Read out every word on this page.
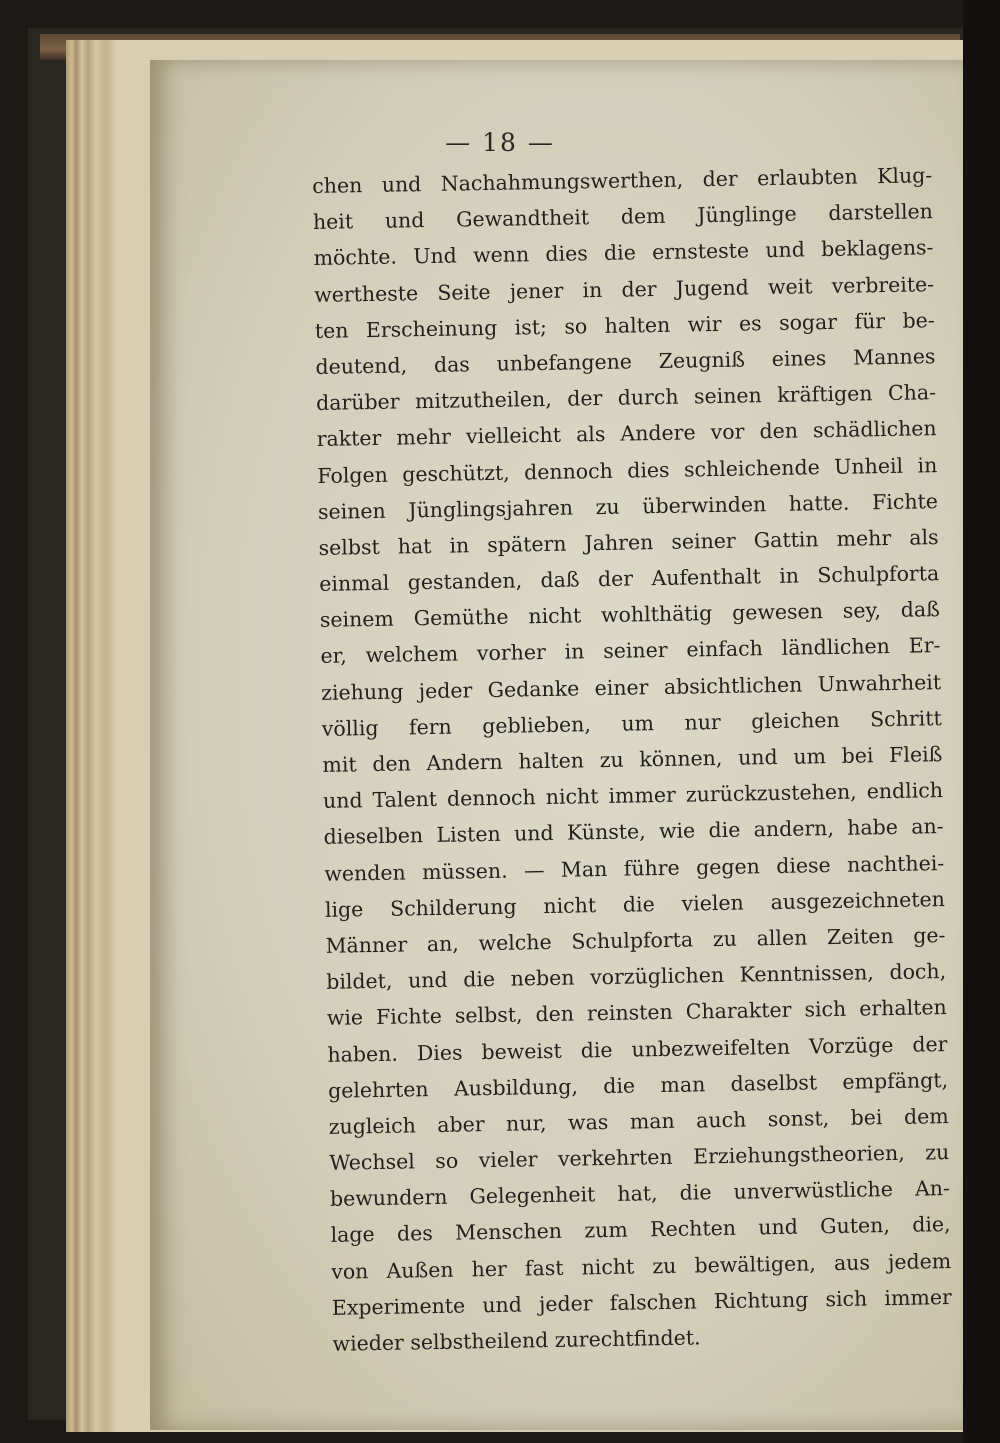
— 18 —
chen und Nachahmungswerthen, der erlaubten Klug-
heit und Gewandtheit dem Jünglinge darstellen
möchte. Und wenn dies die ernsteste und beklagens-
wertheste Seite jener in der Jugend weit verbreite-
ten Erscheinung ist; so halten wir es sogar für be-
deutend, das unbefangene Zeugniß eines Mannes
darüber mitzutheilen, der durch seinen kräftigen Cha-
rakter mehr vielleicht als Andere vor den schädlichen
Folgen geschützt, dennoch dies schleichende Unheil in
seinen Jünglingsjahren zu überwinden hatte. Fichte
selbst hat in spätern Jahren seiner Gattin mehr als
einmal gestanden, daß der Aufenthalt in Schulpforta
seinem Gemüthe nicht wohlthätig gewesen sey, daß
er, welchem vorher in seiner einfach ländlichen Er-
ziehung jeder Gedanke einer absichtlichen Unwahrheit
völlig fern geblieben, um nur gleichen Schritt
mit den Andern halten zu können, und um bei Fleiß
und Talent dennoch nicht immer zurückzustehen, endlich
dieselben Listen und Künste, wie die andern, habe an-
wenden müssen. — Man führe gegen diese nachthei-
lige Schilderung nicht die vielen ausgezeichneten
Männer an, welche Schulpforta zu allen Zeiten ge-
bildet, und die neben vorzüglichen Kenntnissen, doch,
wie Fichte selbst, den reinsten Charakter sich erhalten
haben. Dies beweist die unbezweifelten Vorzüge der
gelehrten Ausbildung, die man daselbst empfängt,
zugleich aber nur, was man auch sonst, bei dem
Wechsel so vieler verkehrten Erziehungstheorien, zu
bewundern Gelegenheit hat, die unverwüstliche An-
lage des Menschen zum Rechten und Guten, die,
von Außen her fast nicht zu bewältigen, aus jedem
Experimente und jeder falschen Richtung sich immer
wieder selbstheilend zurechtfindet.
